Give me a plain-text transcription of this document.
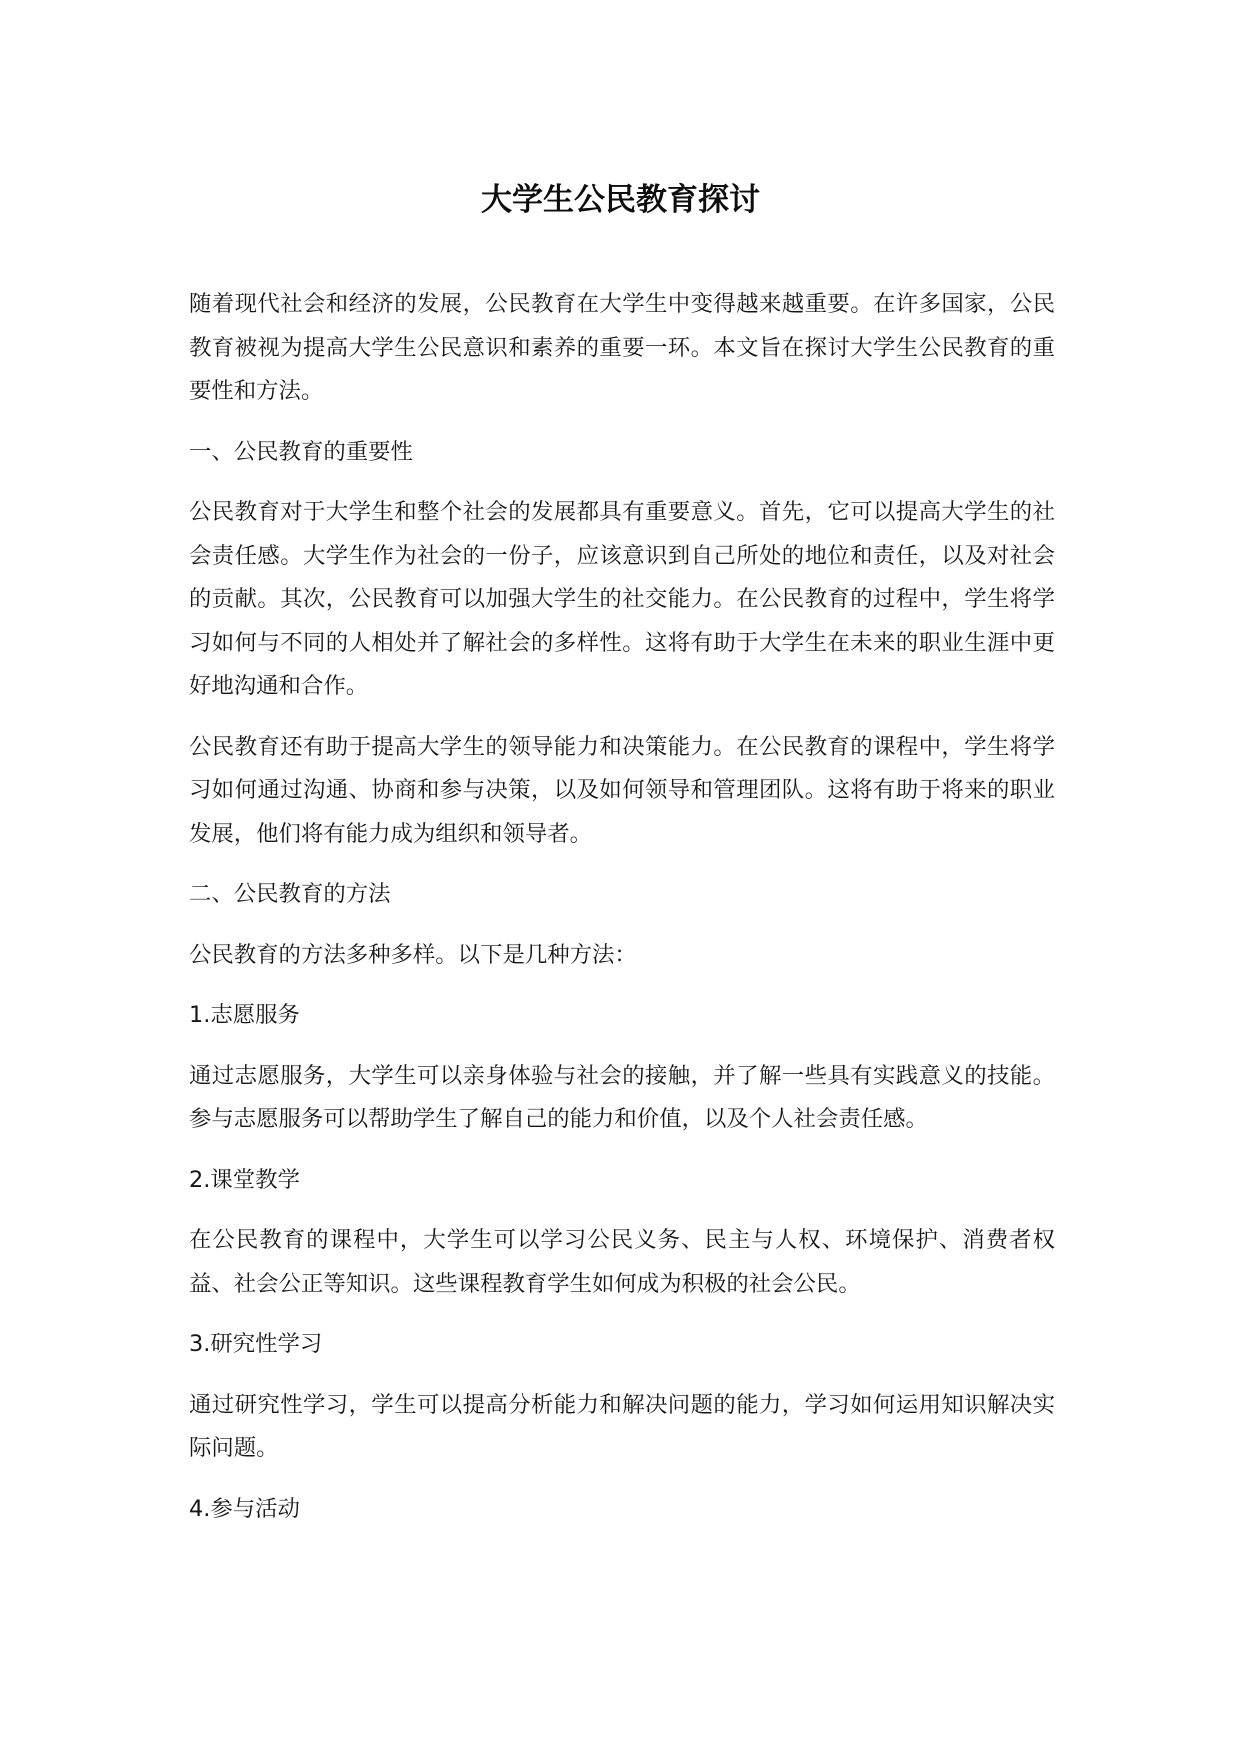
大学生公民教育探讨

随着现代社会和经济的发展，公民教育在大学生中变得越来越重要。在许多国家，公民教育被视为提高大学生公民意识和素养的重要一环。本文旨在探讨大学生公民教育的重要性和方法。

一、公民教育的重要性

公民教育对于大学生和整个社会的发展都具有重要意义。首先，它可以提高大学生的社会责任感。大学生作为社会的一份子，应该意识到自己所处的地位和责任，以及对社会的贡献。其次，公民教育可以加强大学生的社交能力。在公民教育的过程中，学生将学习如何与不同的人相处并了解社会的多样性。这将有助于大学生在未来的职业生涯中更好地沟通和合作。

公民教育还有助于提高大学生的领导能力和决策能力。在公民教育的课程中，学生将学习如何通过沟通、协商和参与决策，以及如何领导和管理团队。这将有助于将来的职业发展，他们将有能力成为组织和领导者。

二、公民教育的方法

公民教育的方法多种多样。以下是几种方法：

1.志愿服务

通过志愿服务，大学生可以亲身体验与社会的接触，并了解一些具有实践意义的技能。参与志愿服务可以帮助学生了解自己的能力和价值，以及个人社会责任感。

2.课堂教学

在公民教育的课程中，大学生可以学习公民义务、民主与人权、环境保护、消费者权益、社会公正等知识。这些课程教育学生如何成为积极的社会公民。

3.研究性学习

通过研究性学习，学生可以提高分析能力和解决问题的能力，学习如何运用知识解决实际问题。

4.参与活动
